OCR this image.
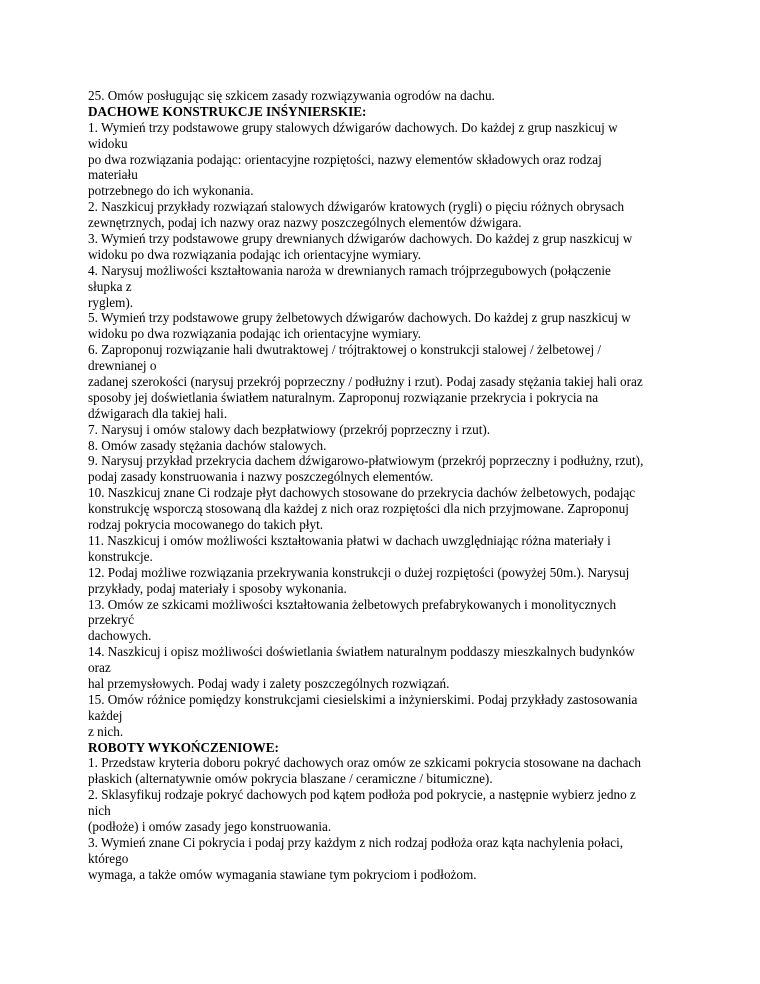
25. Omów posługując się szkicem zasady rozwiązywania ogrodów na dachu.
DACHOWE KONSTRUKCJE INŚYNIERSKIE:
1. Wymień trzy podstawowe grupy stalowych dźwigarów dachowych. Do każdej z grup naszkicuj w
widoku
po dwa rozwiązania podając: orientacyjne rozpiętości, nazwy elementów składowych oraz rodzaj
materiału
potrzebnego do ich wykonania.
2. Naszkicuj przykłady rozwiązań stalowych dźwigarów kratowych (rygli) o pięciu różnych obrysach
zewnętrznych, podaj ich nazwy oraz nazwy poszczególnych elementów dźwigara.
3. Wymień trzy podstawowe grupy drewnianych dźwigarów dachowych. Do każdej z grup naszkicuj w
widoku po dwa rozwiązania podając ich orientacyjne wymiary.
4. Narysuj możliwości kształtowania naroża w drewnianych ramach trójprzegubowych (połączenie
słupka z
ryglem).
5. Wymień trzy podstawowe grupy żelbetowych dźwigarów dachowych. Do każdej z grup naszkicuj w
widoku po dwa rozwiązania podając ich orientacyjne wymiary.
6. Zaproponuj rozwiązanie hali dwutraktowej / trójtraktowej o konstrukcji stalowej / żelbetowej /
drewnianej o
zadanej szerokości (narysuj przekrój poprzeczny / podłużny i rzut). Podaj zasady stężania takiej hali oraz
sposoby jej doświetlania światłem naturalnym. Zaproponuj rozwiązanie przekrycia i pokrycia na
dźwigarach dla takiej hali.
7. Narysuj i omów stalowy dach bezpłatwiowy (przekrój poprzeczny i rzut).
8. Omów zasady stężania dachów stalowych.
9. Narysuj przykład przekrycia dachem dźwigarowo-płatwiowym (przekrój poprzeczny i podłużny, rzut),
podaj zasady konstruowania i nazwy poszczególnych elementów.
10. Naszkicuj znane Ci rodzaje płyt dachowych stosowane do przekrycia dachów żelbetowych, podając
konstrukcję wsporczą stosowaną dla każdej z nich oraz rozpiętości dla nich przyjmowane. Zaproponuj
rodzaj pokrycia mocowanego do takich płyt.
11. Naszkicuj i omów możliwości kształtowania płatwi w dachach uwzględniając różna materiały i
konstrukcje.
12. Podaj możliwe rozwiązania przekrywania konstrukcji o dużej rozpiętości (powyżej 50m.). Narysuj
przykłady, podaj materiały i sposoby wykonania.
13. Omów ze szkicami możliwości kształtowania żelbetowych prefabrykowanych i monolitycznych
przekryć
dachowych.
14. Naszkicuj i opisz możliwości doświetlania światłem naturalnym poddaszy mieszkalnych budynków
oraz
hal przemysłowych. Podaj wady i zalety poszczególnych rozwiązań.
15. Omów różnice pomiędzy konstrukcjami ciesielskimi a inżynierskimi. Podaj przykłady zastosowania
każdej
z nich.
ROBOTY WYKOŃCZENIOWE:
1. Przedstaw kryteria doboru pokryć dachowych oraz omów ze szkicami pokrycia stosowane na dachach
płaskich (alternatywnie omów pokrycia blaszane / ceramiczne / bitumiczne).
2. Sklasyfikuj rodzaje pokryć dachowych pod kątem podłoża pod pokrycie, a następnie wybierz jedno z
nich
(podłoże) i omów zasady jego konstruowania.
3. Wymień znane Ci pokrycia i podaj przy każdym z nich rodzaj podłoża oraz kąta nachylenia połaci,
którego
wymaga, a także omów wymagania stawiane tym pokryciom i podłożom.
